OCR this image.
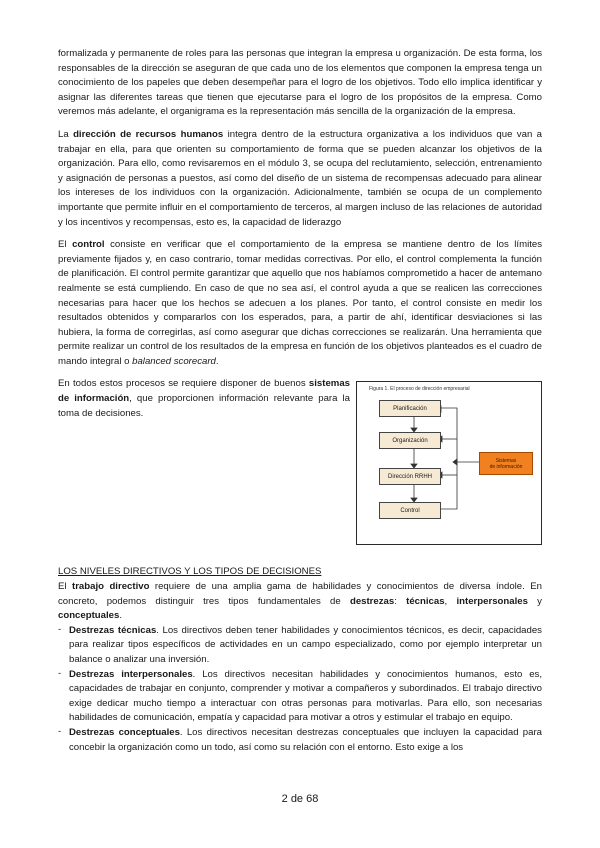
formalizada y permanente de roles para las personas que integran la empresa u organización. De esta forma, los responsables de la dirección se aseguran de que cada uno de los elementos que componen la empresa tenga un conocimiento de los papeles que deben desempeñar para el logro de los objetivos. Todo ello implica identificar y asignar las diferentes tareas que tienen que ejecutarse para el logro de los propósitos de la empresa. Como veremos más adelante, el organigrama es la representación más sencilla de la organización de la empresa.

La dirección de recursos humanos integra dentro de la estructura organizativa a los individuos que van a trabajar en ella, para que orienten su comportamiento de forma que se pueden alcanzar los objetivos de la organización. Para ello, como revisaremos en el módulo 3, se ocupa del reclutamiento, selección, entrenamiento y asignación de personas a puestos, así como del diseño de un sistema de recompensas adecuado para alinear los intereses de los individuos con la organización. Adicionalmente, también se ocupa de un complemento importante que permite influir en el comportamiento de terceros, al margen incluso de las relaciones de autoridad y los incentivos y recompensas, esto es, la capacidad de liderazgo

El control consiste en verificar que el comportamiento de la empresa se mantiene dentro de los límites previamente fijados y, en caso contrario, tomar medidas correctivas. Por ello, el control complementa la función de planificación. El control permite garantizar que aquello que nos habíamos comprometido a hacer de antemano realmente se está cumpliendo. En caso de que no sea así, el control ayuda a que se realicen las correcciones necesarias para hacer que los hechos se adecuen a los planes. Por tanto, el control consiste en medir los resultados obtenidos y compararlos con los esperados, para, a partir de ahí, identificar desviaciones si las hubiera, la forma de corregirlas, así como asegurar que dichas correcciones se realizarán. Una herramienta que permite realizar un control de los resultados de la empresa en función de los objetivos planteados es el cuadro de mando integral o balanced scorecard.

En todos estos procesos se requiere disponer de buenos sistemas de información, que proporcionen información relevante para la toma de decisiones.

Figura 1. El proceso de dirección empresarial
Planificación
Organización
Dirección RRHH
Control
Sistemas
de información

LOS NIVELES DIRECTIVOS Y LOS TIPOS DE DECISIONES

El trabajo directivo requiere de una amplia gama de habilidades y conocimientos de diversa índole. En concreto, podemos distinguir tres tipos fundamentales de destrezas: técnicas, interpersonales y conceptuales.

- Destrezas técnicas. Los directivos deben tener habilidades y conocimientos técnicos, es decir, capacidades para realizar tipos específicos de actividades en un campo especializado, como por ejemplo interpretar un balance o analizar una inversión.
- Destrezas interpersonales. Los directivos necesitan habilidades y conocimientos humanos, esto es, capacidades de trabajar en conjunto, comprender y motivar a compañeros y subordinados. El trabajo directivo exige dedicar mucho tiempo a interactuar con otras personas para motivarlas. Para ello, son necesarias habilidades de comunicación, empatía y capacidad para motivar a otros y estimular el trabajo en equipo.
- Destrezas conceptuales. Los directivos necesitan destrezas conceptuales que incluyen la capacidad para concebir la organización como un todo, así como su relación con el entorno. Esto exige a los
2 de 68
